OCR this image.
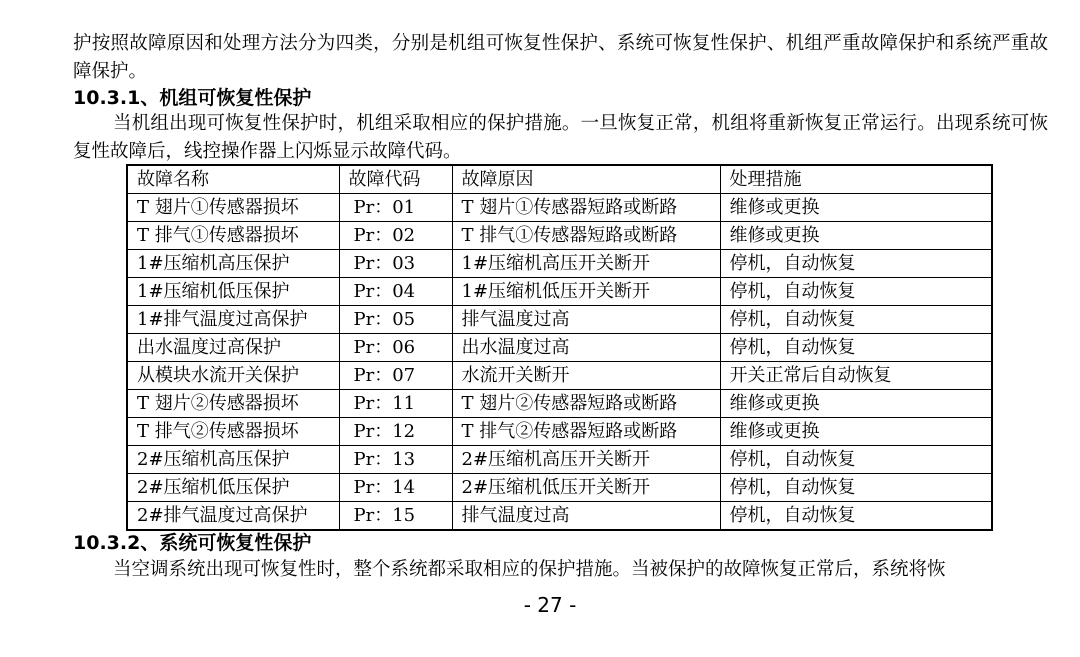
护按照故障原因和处理方法分为四类，分别是机组可恢复性保护、系统可恢复性保护、机组严重故障保护和系统严重故障保护。

10.3.1、机组可恢复性保护

当机组出现可恢复性保护时，机组采取相应的保护措施。一旦恢复正常，机组将重新恢复正常运行。出现系统可恢复性故障后，线控操作器上闪烁显示故障代码。

故障名称	故障代码	故障原因	处理措施
T 翅片①传感器损坏	Pr：01	T 翅片①传感器短路或断路	维修或更换
T 排气①传感器损坏	Pr：02	T 排气①传感器短路或断路	维修或更换
1#压缩机高压保护	Pr：03	1#压缩机高压开关断开	停机，自动恢复
1#压缩机低压保护	Pr：04	1#压缩机低压开关断开	停机，自动恢复
1#排气温度过高保护	Pr：05	排气温度过高	停机，自动恢复
出水温度过高保护	Pr：06	出水温度过高	停机，自动恢复
从模块水流开关保护	Pr：07	水流开关断开	开关正常后自动恢复
T 翅片②传感器损坏	Pr：11	T 翅片②传感器短路或断路	维修或更换
T 排气②传感器损坏	Pr：12	T 排气②传感器短路或断路	维修或更换
2#压缩机高压保护	Pr：13	2#压缩机高压开关断开	停机，自动恢复
2#压缩机低压保护	Pr：14	2#压缩机低压开关断开	停机，自动恢复
2#排气温度过高保护	Pr：15	排气温度过高	停机，自动恢复
10.3.2、系统可恢复性保护

当空调系统出现可恢复性时，整个系统都采取相应的保护措施。当被保护的故障恢复正常后，系统将恢

- 27 -
